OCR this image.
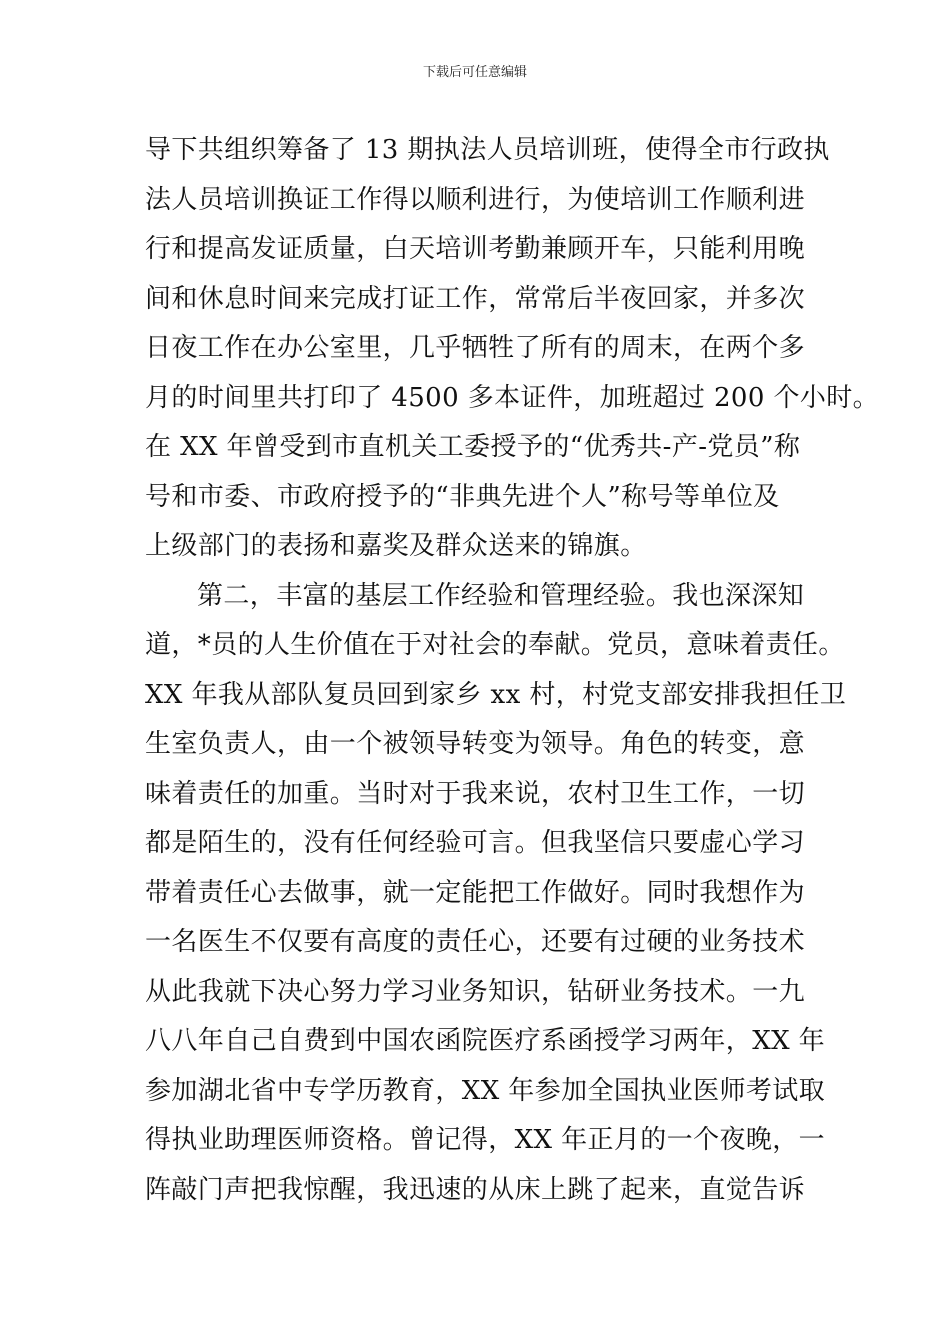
下载后可任意编辑
导下共组织筹备了 13 期执法人员培训班，使得全市行政执
法人员培训换证工作得以顺利进行，为使培训工作顺利进
行和提高发证质量，白天培训考勤兼顾开车，只能利用晚
间和休息时间来完成打证工作，常常后半夜回家，并多次
日夜工作在办公室里，几乎牺牲了所有的周末，在两个多
月的时间里共打印了 4500 多本证件，加班超过 200 个小时。
在 XX 年曾受到市直机关工委授予的“优秀共-产-党员”称
号和市委、市政府授予的“非典先进个人”称号等单位及
上级部门的表扬和嘉奖及群众送来的锦旗。
第二，丰富的基层工作经验和管理经验。我也深深知
道，*员的人生价值在于对社会的奉献。党员，意味着责任。
XX 年我从部队复员回到家乡 xx 村，村党支部安排我担任卫
生室负责人，由一个被领导转变为领导。角色的转变，意
味着责任的加重。当时对于我来说，农村卫生工作，一切
都是陌生的，没有任何经验可言。但我坚信只要虚心学习
带着责任心去做事，就一定能把工作做好。同时我想作为
一名医生不仅要有高度的责任心，还要有过硬的业务技术
从此我就下决心努力学习业务知识，钻研业务技术。一九
八八年自己自费到中国农函院医疗系函授学习两年，XX 年
参加湖北省中专学历教育，XX 年参加全国执业医师考试取
得执业助理医师资格。曾记得，XX 年正月的一个夜晚，一
阵敲门声把我惊醒，我迅速的从床上跳了起来，直觉告诉
